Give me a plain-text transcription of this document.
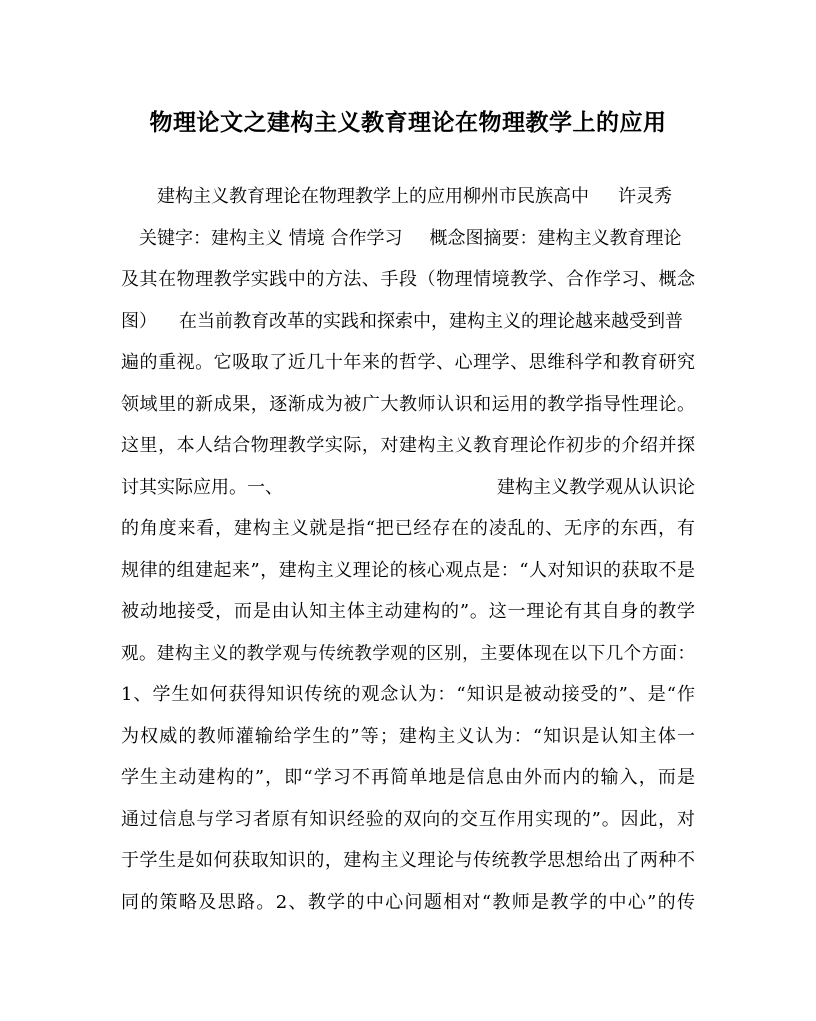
物理论文之建构主义教育理论在物理教学上的应用
建构主义教育理论在物理教学上的应用柳州市民族高中 许灵秀
关键字：建构主义 情境 合作学习 概念图摘要：建构主义教育理论
及其在物理教学实践中的方法、手段（物理情境教学、合作学习、概念
图） 在当前教育改革的实践和探索中，建构主义的理论越来越受到普
遍的重视。它吸取了近几十年来的哲学、心理学、思维科学和教育研究
领域里的新成果，逐渐成为被广大教师认识和运用的教学指导性理论。
这里，本人结合物理教学实际，对建构主义教育理论作初步的介绍并探
讨其实际应用。一、	建构主义教学观从认识论
的角度来看，建构主义就是指“把已经存在的凌乱的、无序的东西，有
规律的组建起来”，建构主义理论的核心观点是：“人对知识的获取不是
被动地接受，而是由认知主体主动建构的”。这一理论有其自身的教学
观。建构主义的教学观与传统教学观的区别，主要体现在以下几个方面：
1、学生如何获得知识传统的观念认为：“知识是被动接受的”、是“作
为权威的教师灌输给学生的”等；建构主义认为：“知识是认知主体一
学生主动建构的”，即“学习不再简单地是信息由外而内的输入，而是
通过信息与学习者原有知识经验的双向的交互作用实现的”。因此，对
于学生是如何获取知识的，建构主义理论与传统教学思想给出了两种不
同的策略及思路。2、教学的中心问题相对“教师是教学的中心”的传
